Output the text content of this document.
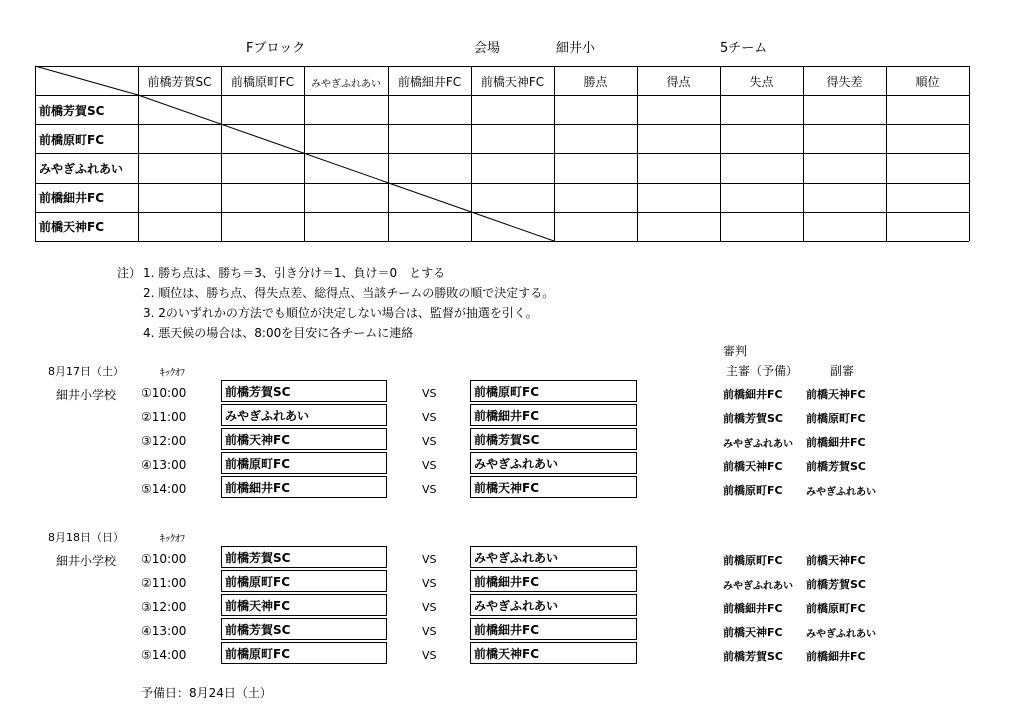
Fブロック	会場	細井小	5チーム
前橋芳賀SC	前橋原町FC	みやぎふれあい	前橋細井FC	前橋天神FC	勝点	得点	失点	得失差	順位
前橋芳賀SC
前橋原町FC
みやぎふれあい
前橋細井FC
前橋天神FC
注） 1. 勝ち点は、勝ち＝3、引き分け＝1、負け＝0　とする
2. 順位は、勝ち点、得失点差、総得点、当該チームの勝敗の順で決定する。
3. 2のいずれかの方法でも順位が決定しない場合は、監督が抽選を引く。
4. 悪天候の場合は、8:00を目安に各チームに連絡
審判
主審（予備）	副審
8月17日（土）	ｷｯｸｵﾌ
細井小学校 ①10:00	前橋芳賀SC	VS	前橋原町FC	前橋細井FC 前橋天神FC
②11:00	みやぎふれあい	VS	前橋細井FC	前橋芳賀SC 前橋原町FC
③12:00	前橋天神FC	VS	前橋芳賀SC	みやぎふれあい 前橋細井FC
④13:00	前橋原町FC	VS	みやぎふれあい	前橋天神FC 前橋芳賀SC
⑤14:00	前橋細井FC	VS	前橋天神FC	前橋原町FC みやぎふれあい
8月18日（日）	ｷｯｸｵﾌ
細井小学校 ①10:00	前橋芳賀SC	VS	みやぎふれあい	前橋原町FC 前橋天神FC
②11:00	前橋原町FC	VS	前橋細井FC	みやぎふれあい 前橋芳賀SC
③12:00	前橋天神FC	VS	みやぎふれあい	前橋細井FC 前橋原町FC
④13:00	前橋芳賀SC	VS	前橋細井FC	前橋天神FC みやぎふれあい
⑤14:00	前橋原町FC	VS	前橋天神FC	前橋芳賀SC 前橋細井FC
予備日：8月24日（土）
